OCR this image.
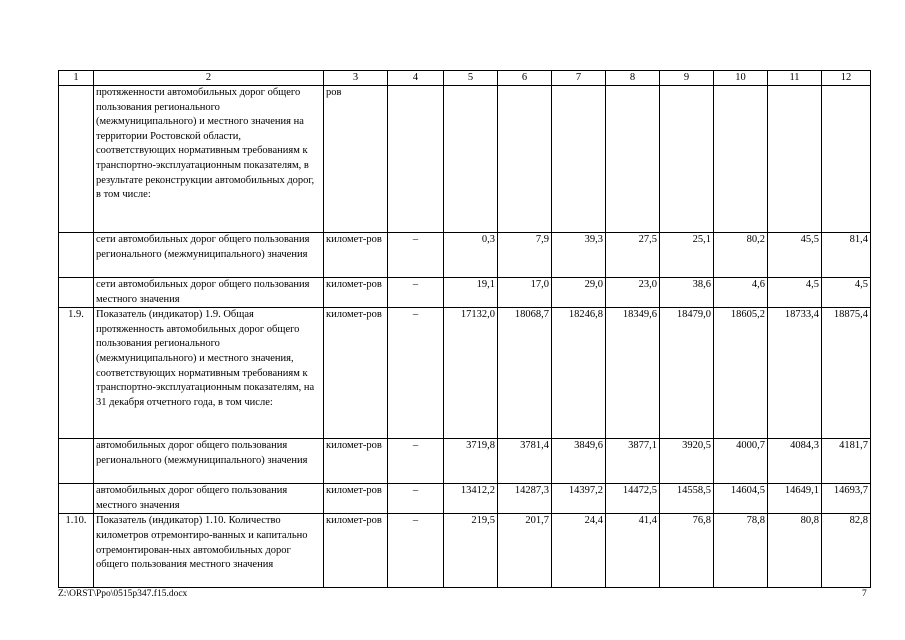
1	2	3	4	5	6	7	8	9	10	11	12
	протяженности автомобильных дорог общего пользования регионального (межмуниципального) и местного значения на территории Ростовской области, соответствующих нормативным требованиям к транспортно-эксплуатационным показателям, в результате реконструкции автомобильных дорог, в том числе:	ров									
	сети автомобильных дорог общего пользования регионального (межмуниципального) значения	километ-ров	–	0,3	7,9	39,3	27,5	25,1	80,2	45,5	81,4
	сети автомобильных дорог общего пользования местного значения	километ-ров	–	19,1	17,0	29,0	23,0	38,6	4,6	4,5	4,5
1.9.	Показатель (индикатор) 1.9. Общая протяженность автомобильных дорог общего пользования регионального (межмуниципального) и местного значения, соответствующих нормативным требованиям к транспортно-эксплуатационным показателям, на 31 декабря отчетного года, в том числе:	километ-ров	–	17132,0	18068,7	18246,8	18349,6	18479,0	18605,2	18733,4	18875,4
	автомобильных дорог общего пользования регионального (межмуниципального) значения	километ-ров	–	3719,8	3781,4	3849,6	3877,1	3920,5	4000,7	4084,3	4181,7
	автомобильных дорог общего пользования местного значения	километ-ров	–	13412,2	14287,3	14397,2	14472,5	14558,5	14604,5	14649,1	14693,7
1.10.	Показатель (индикатор) 1.10. Количество километров отремонтиро-ванных и капитально отремонтирован-ных автомобильных дорог общего пользования местного значения	километ-ров	–	219,5	201,7	24,4	41,4	76,8	78,8	80,8	82,8
Z:\ORST\Ppo\0515p347.f15.docx	7
